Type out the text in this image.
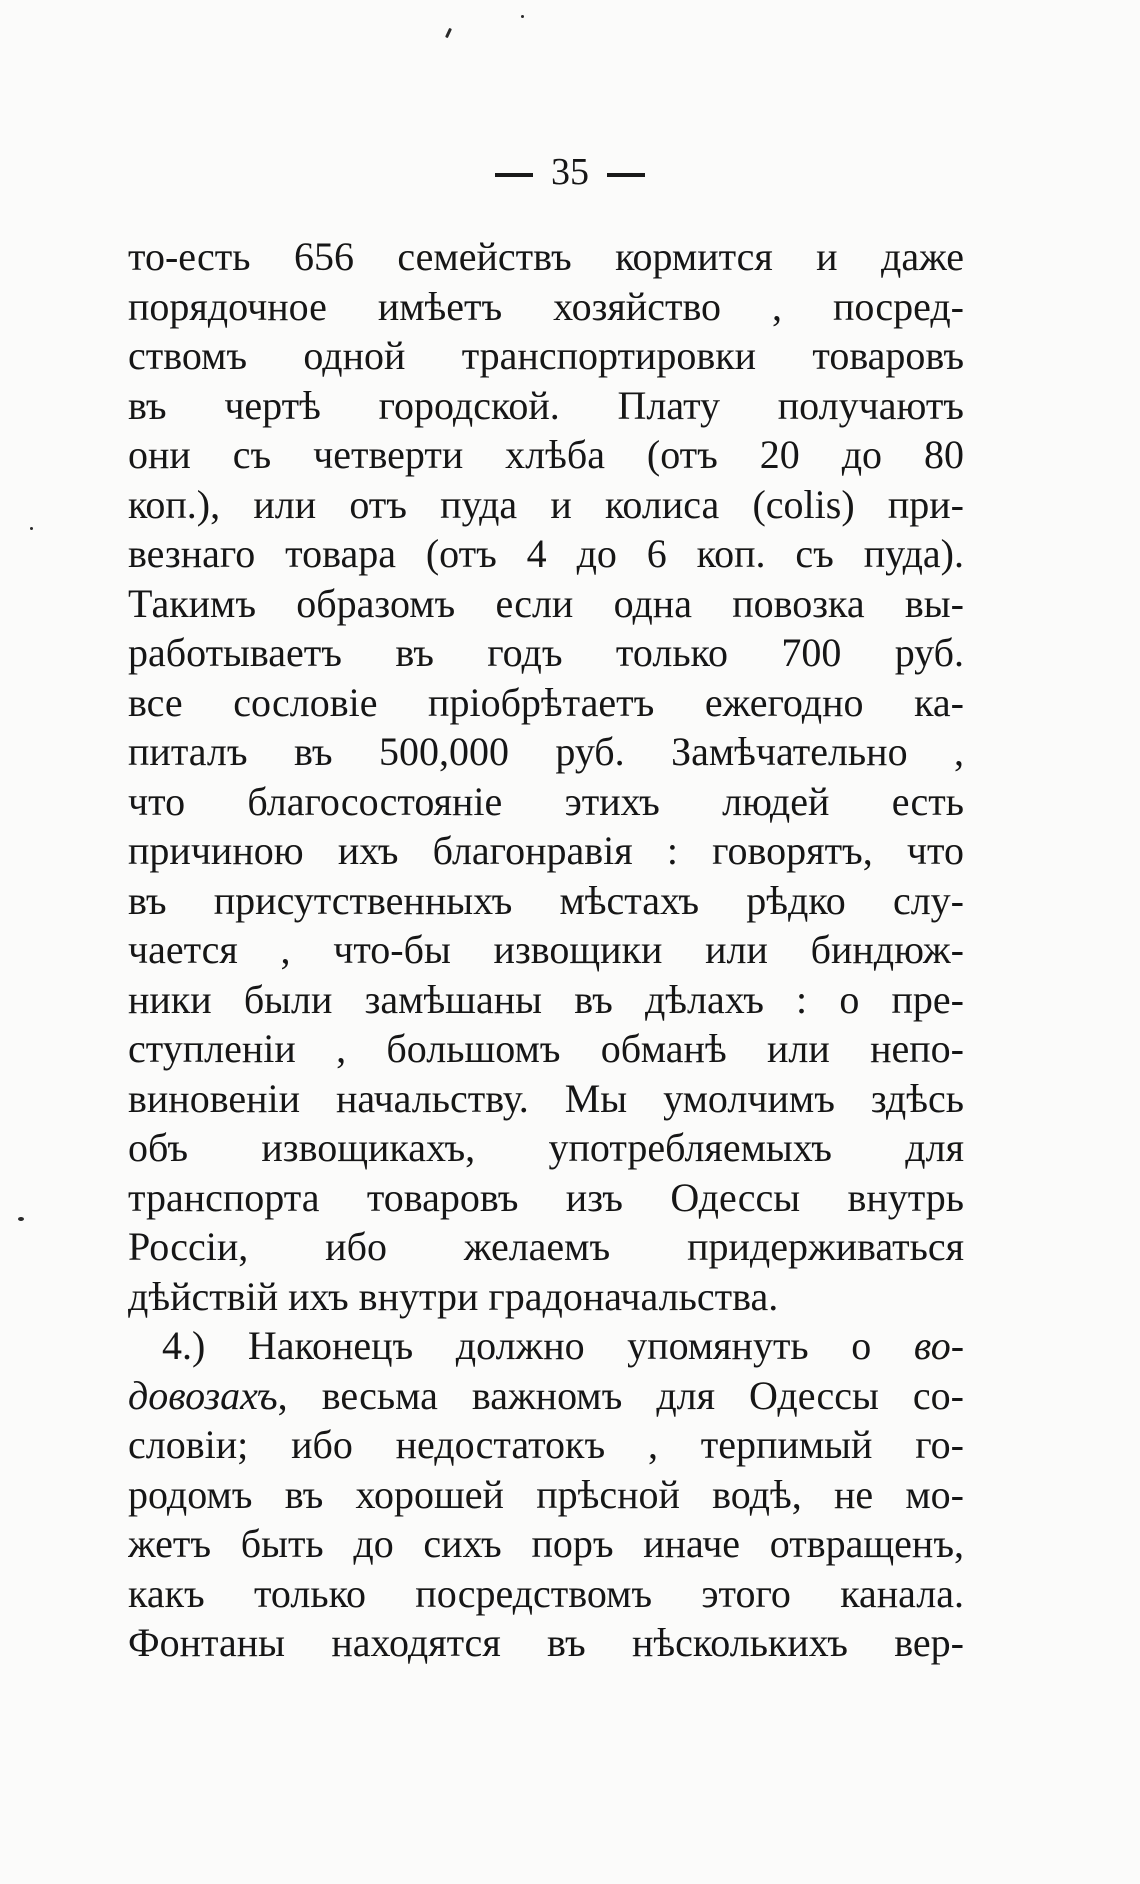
35
то-есть 656 семействъ кормится и даже
порядочное имѣетъ хозяйство , посред-
ствомъ одной транспортировки товаровъ
въ чертѣ городской. Плату получаютъ
они съ четверти хлѣба (отъ 20 до 80
коп.), или отъ пуда и колиса (colis) при-
везнаго товара (отъ 4 до 6 коп. съ пуда).
Такимъ образомъ если одна повозка вы-
работываетъ въ годъ только 700 руб.
все сословіе пріобрѣтаетъ ежегодно ка-
питалъ въ 500,000 руб. Замѣчательно ,
что благосостояніе этихъ людей есть
причиною ихъ благонравія : говорятъ, что
въ присутственныхъ мѣстахъ рѣдко слу-
чается , что-бы извощики или биндюж-
ники были замѣшаны въ дѣлахъ : о пре-
ступленіи , большомъ обманѣ или непо-
виновеніи начальству. Мы умолчимъ здѣсь
объ извощикахъ, употребляемыхъ для
транспорта товаровъ изъ Одессы внутрь
Россіи, ибо желаемъ придерживаться
дѣйствій ихъ внутри градоначальства.
4.) Наконецъ должно упомянуть о во-
довозахъ, весьма важномъ для Одессы со-
словіи; ибо недостатокъ , терпимый го-
родомъ въ хорошей прѣсной водѣ, не мо-
жетъ быть до сихъ поръ иначе отвращенъ,
какъ только посредствомъ этого канала.
Фонтаны находятся въ нѣсколькихъ вер-
